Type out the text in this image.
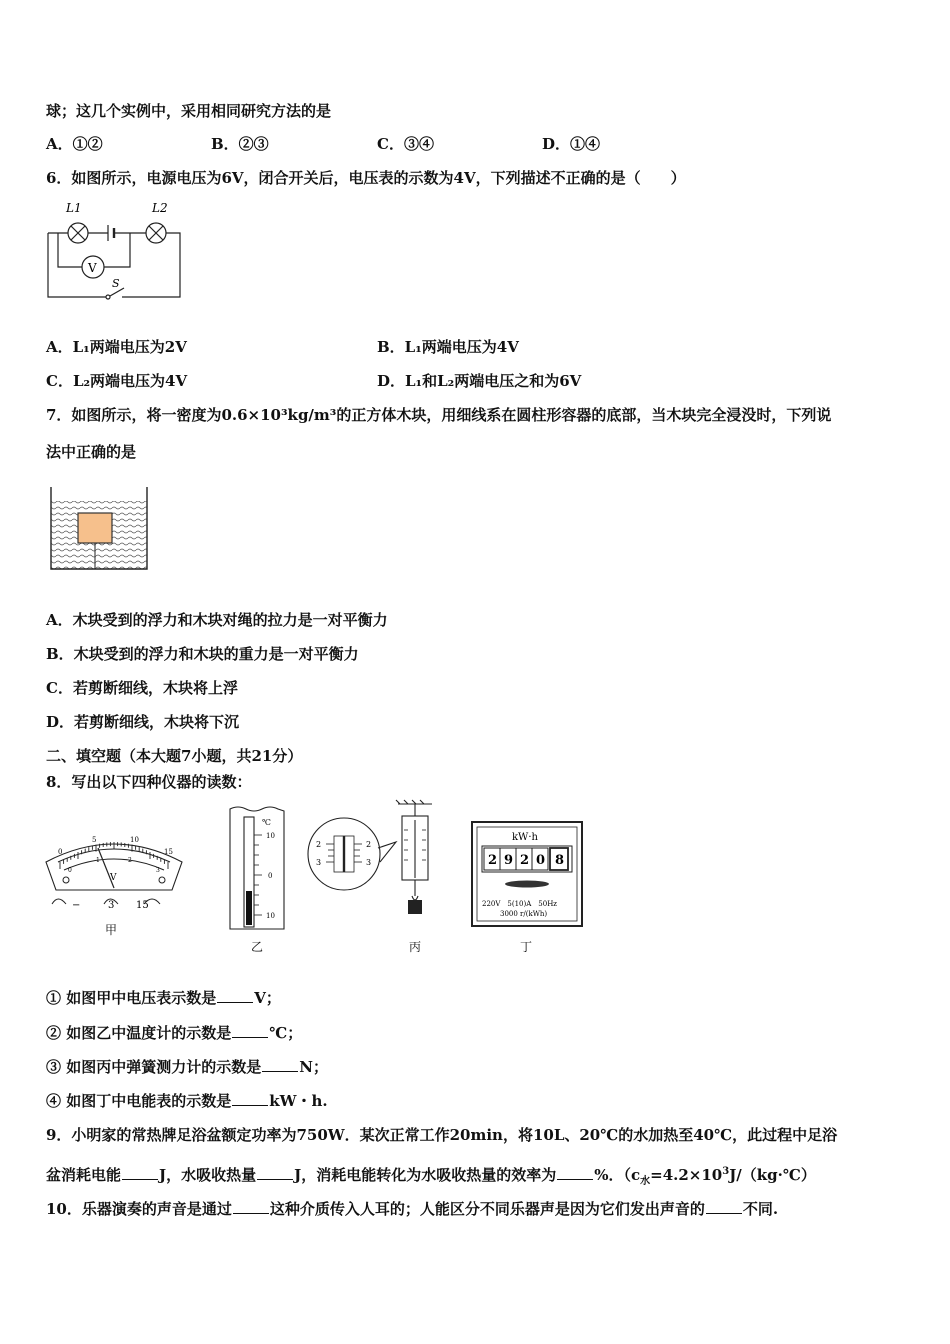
球；这几个实例中，采用相同研究方法的是
A．①②	B．②③	C．③④	D．①④
6．如图所示，电源电压为6V，闭合开关后，电压表的示数为4V，下列描述不正确的是（　　）
L1	L2
V
S
A．L₁两端电压为2V	B．L₁两端电压为4V
C．L₂两端电压为4V	D．L₁和L₂两端电压之和为6V
7．如图所示，将一密度为0.6×10³kg/m³的正方体木块，用细线系在圆柱形容器的底部，当木块完全浸没时，下列说
法中正确的是
A．木块受到的浮力和木块对绳的拉力是一对平衡力
B．木块受到的浮力和木块的重力是一对平衡力
C．若剪断细线，木块将上浮
D．若剪断细线，木块将下沉
二、填空题（本大题7小题，共21分）
8．写出以下四种仪器的读数：
0
5	10
15
0
1	2
3
V
−	3 15
甲
℃
10
0
10
乙
2
3
2
3
丙
kW·h
2 9 2 0 8
220V　5(10)A　50Hz
3000 r/(kWh)
丁
① 如图甲中电压表示数是	V；
② 如图乙中温度计的示数是	℃；
③ 如图丙中弹簧测力计的示数是	N；
④ 如图丁中电能表的示数是	kW・h.
9．小明家的常热牌足浴盆额定功率为750W．某次正常工作20min，将10L、20℃的水加热至40℃，此过程中足浴
盆消耗电能	J，水吸收热量	J，消耗电能转化为水吸收热量的效率为	%．（$c_水=4.2\times 10^3J/(kg\cdot℃)$
10．乐器演奏的声音是通过	这种介质传入人耳的；人能区分不同乐器声是因为它们发出声音的	不同.
